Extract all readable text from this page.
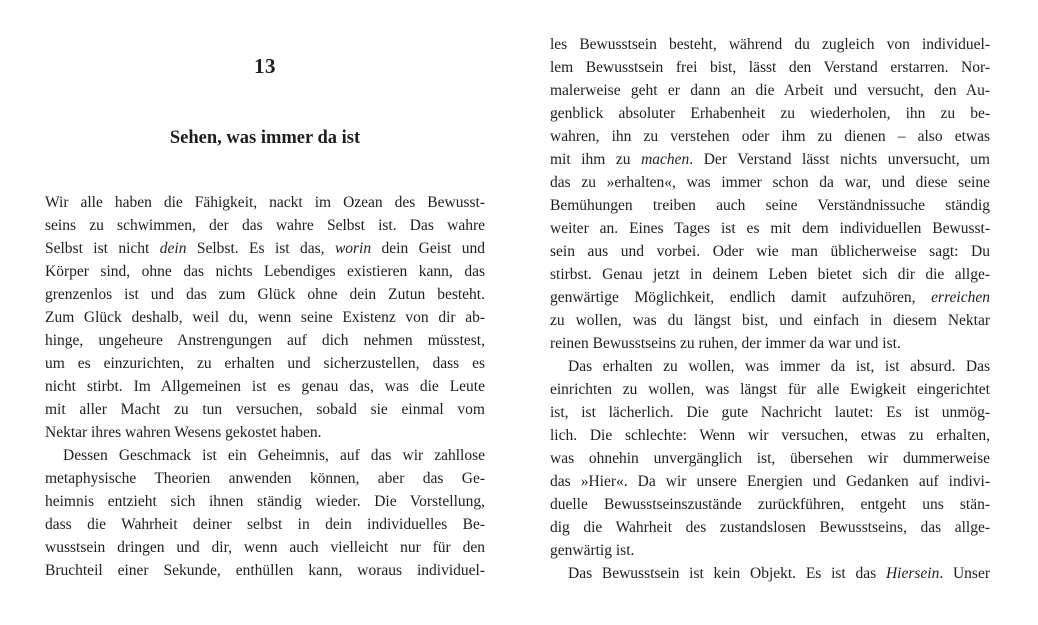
13
Sehen, was immer da ist
Wir alle haben die Fähigkeit, nackt im Ozean des Bewusst-
seins zu schwimmen, der das wahre Selbst ist. Das wahre
Selbst ist nicht dein Selbst. Es ist das, worin dein Geist und
Körper sind, ohne das nichts Lebendiges existieren kann, das
grenzenlos ist und das zum Glück ohne dein Zutun besteht.
Zum Glück deshalb, weil du, wenn seine Existenz von dir ab-
hinge, ungeheure Anstrengungen auf dich nehmen müsstest,
um es einzurichten, zu erhalten und sicherzustellen, dass es
nicht stirbt. Im Allgemeinen ist es genau das, was die Leute
mit aller Macht zu tun versuchen, sobald sie einmal vom
Nektar ihres wahren Wesens gekostet haben.
Dessen Geschmack ist ein Geheimnis, auf das wir zahllose
metaphysische Theorien anwenden können, aber das Ge-
heimnis entzieht sich ihnen ständig wieder. Die Vorstellung,
dass die Wahrheit deiner selbst in dein individuelles Be-
wusstsein dringen und dir, wenn auch vielleicht nur für den
Bruchteil einer Sekunde, enthüllen kann, woraus individuel-
les Bewusstsein besteht, während du zugleich von individuel-
lem Bewusstsein frei bist, lässt den Verstand erstarren. Nor-
malerweise geht er dann an die Arbeit und versucht, den Au-
genblick absoluter Erhabenheit zu wiederholen, ihn zu be-
wahren, ihn zu verstehen oder ihm zu dienen – also etwas
mit ihm zu machen. Der Verstand lässt nichts unversucht, um
das zu »erhalten«, was immer schon da war, und diese seine
Bemühungen treiben auch seine Verständnissuche ständig
weiter an. Eines Tages ist es mit dem individuellen Bewusst-
sein aus und vorbei. Oder wie man üblicherweise sagt: Du
stirbst. Genau jetzt in deinem Leben bietet sich dir die allge-
genwärtige Möglichkeit, endlich damit aufzuhören, erreichen
zu wollen, was du längst bist, und einfach in diesem Nektar
reinen Bewusstseins zu ruhen, der immer da war und ist.
Das erhalten zu wollen, was immer da ist, ist absurd. Das
einrichten zu wollen, was längst für alle Ewigkeit eingerichtet
ist, ist lächerlich. Die gute Nachricht lautet: Es ist unmög-
lich. Die schlechte: Wenn wir versuchen, etwas zu erhalten,
was ohnehin unvergänglich ist, übersehen wir dummerweise
das »Hier«. Da wir unsere Energien und Gedanken auf indivi-
duelle Bewusstseinszustände zurückführen, entgeht uns stän-
dig die Wahrheit des zustandslosen Bewusstseins, das allge-
genwärtig ist.
Das Bewusstsein ist kein Objekt. Es ist das Hiersein. Unser
